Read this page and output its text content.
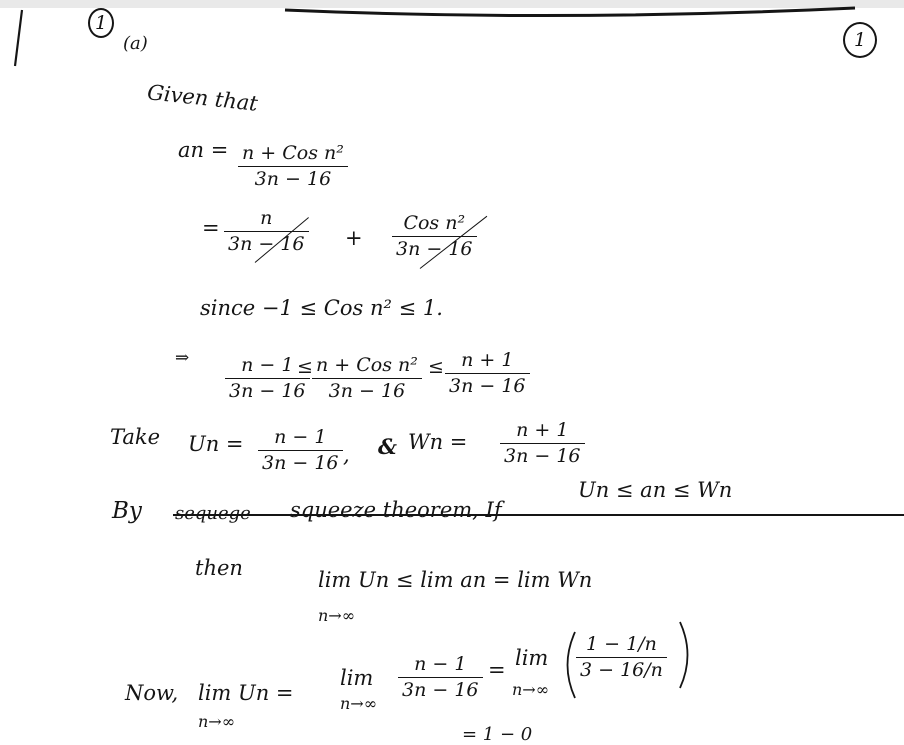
1
(a)	1
Given that
an = n + Cos n²
3n − 16
= n
3n − 16 +
Cos n²
3n − 16
since −1 ≤ Cos n² ≤ 1.
⇒	n − 1
3n − 16
≤ n + Cos n²
3n − 16
≤ n + 1
3n − 16
Take Un = n − 1
3n − 16 , & Wn =	n + 1
3n − 16
By sequege	squeeze theorem, If
Un ≤ an ≤ Wn
then	lim Un ≤ lim an = lim Wn
n→∞
Now, lim Un =
n→∞
lim
n→∞
n − 1
3n − 16
= lim
n→∞
1 − 1/n
3 − 16/n
= 1 − 0
